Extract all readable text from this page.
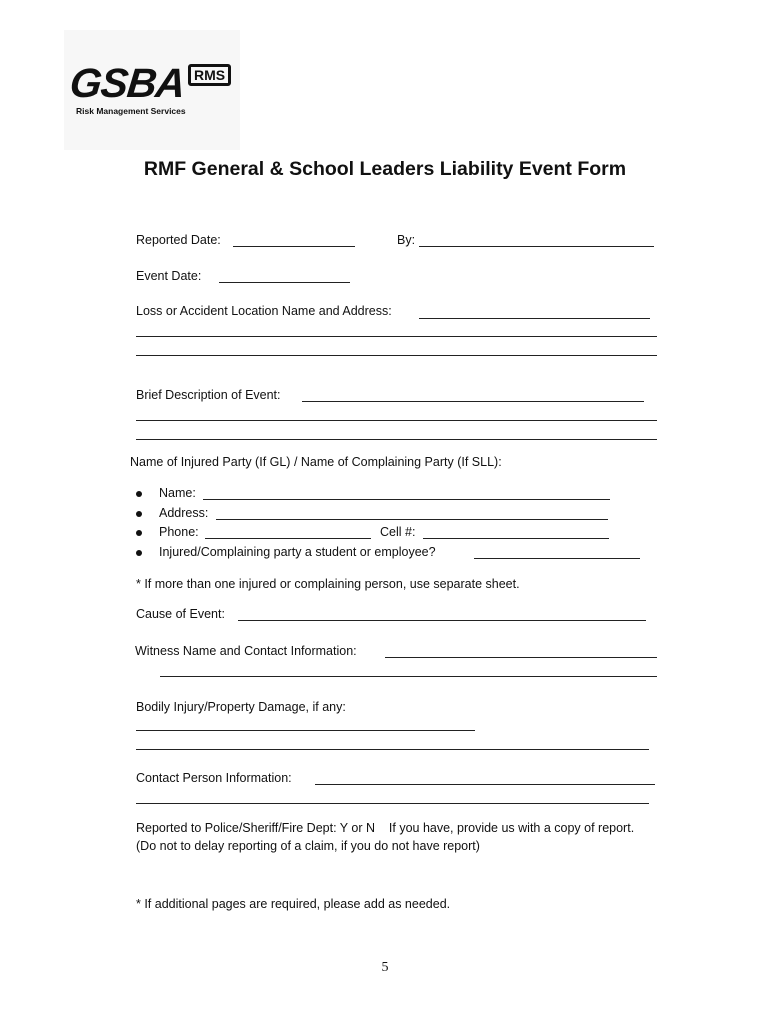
GSBA RMS
Risk Management Services
RMF General & School Leaders Liability Event Form
Reported Date:	By:
Event Date:
Loss or Accident Location Name and Address:
Brief Description of Event:
Name of Injured Party (If GL) / Name of Complaining Party (If SLL):
Name:
Address:
Phone:	Cell #:
Injured/Complaining party a student or employee?
* If more than one injured or complaining person, use separate sheet.
Cause of Event:
Witness Name and Contact Information:
Bodily Injury/Property Damage, if any:
Contact Person Information:
Reported to Police/Sheriff/Fire Dept: Y or N    If you have, provide us with a copy of report.
(Do not to delay reporting of a claim, if you do not have report)
* If additional pages are required, please add as needed.
5
